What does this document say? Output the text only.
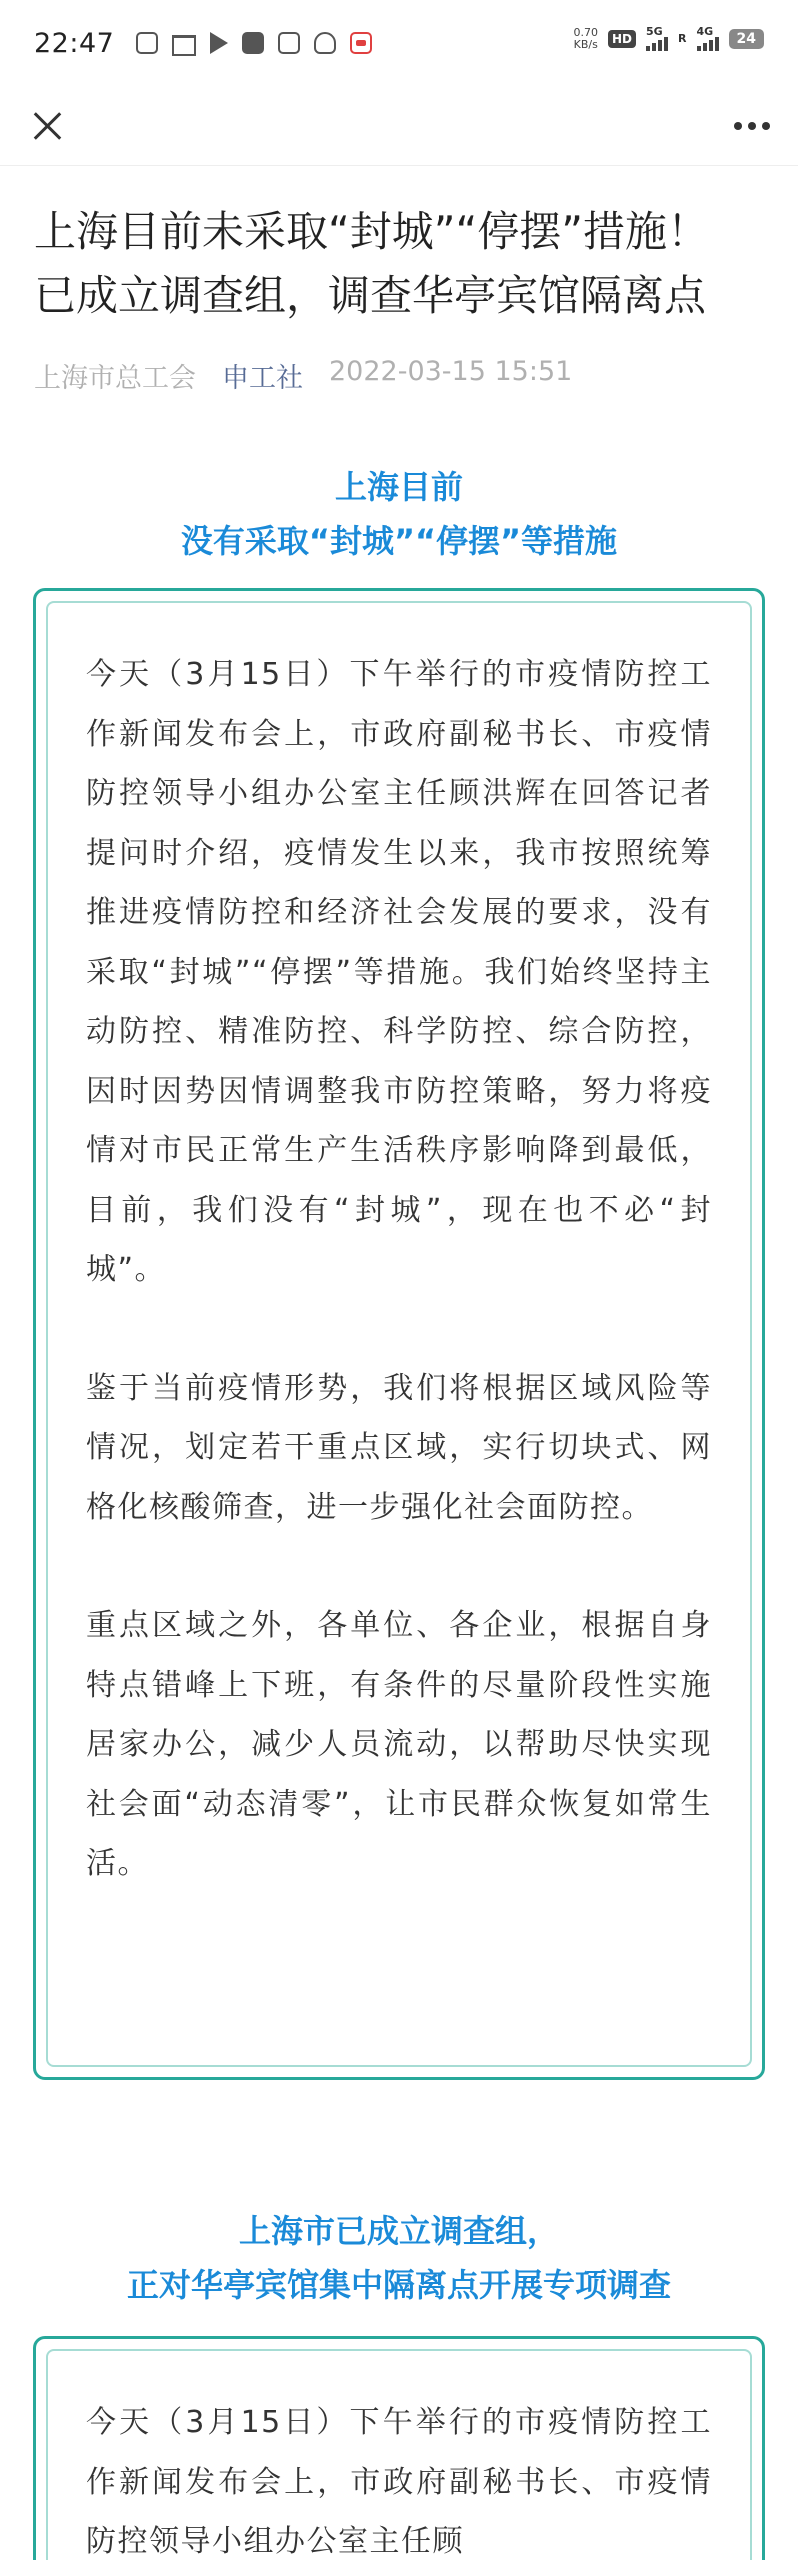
22:47	0.70
KB/s	HD	5G
R
4G	24
上海目前未采取“封城”“停摆”措施！
已成立调查组，调查华亭宾馆隔离点
上海市总工会 申工社 2022-03-15 15:51
上海目前
没有采取“封城”“停摆”等措施

今天（3月15日）下午举行的市疫情防控工作新闻发布会上，市政府副秘书长、市疫情防控领导小组办公室主任顾洪辉在回答记者提问时介绍，疫情发生以来，我市按照统筹推进疫情防控和经济社会发展的要求，没有采取“封城”“停摆”等措施。我们始终坚持主动防控、精准防控、科学防控、综合防控，因时因势因情调整我市防控策略，努力将疫情对市民正常生产生活秩序影响降到最低，目前，我们没有“封城”，现在也不必“封城”。

鉴于当前疫情形势，我们将根据区域风险等情况，划定若干重点区域，实行切块式、网格化核酸筛查，进一步强化社会面防控。

重点区域之外，各单位、各企业，根据自身特点错峰上下班，有条件的尽量阶段性实施居家办公，减少人员流动，以帮助尽快实现社会面“动态清零”，让市民群众恢复如常生活。

上海市已成立调查组，
正对华亭宾馆集中隔离点开展专项调查

今天（3月15日）下午举行的市疫情防控工作新闻发布会上，市政府副秘书长、市疫情防控领导小组办公室主任顾
